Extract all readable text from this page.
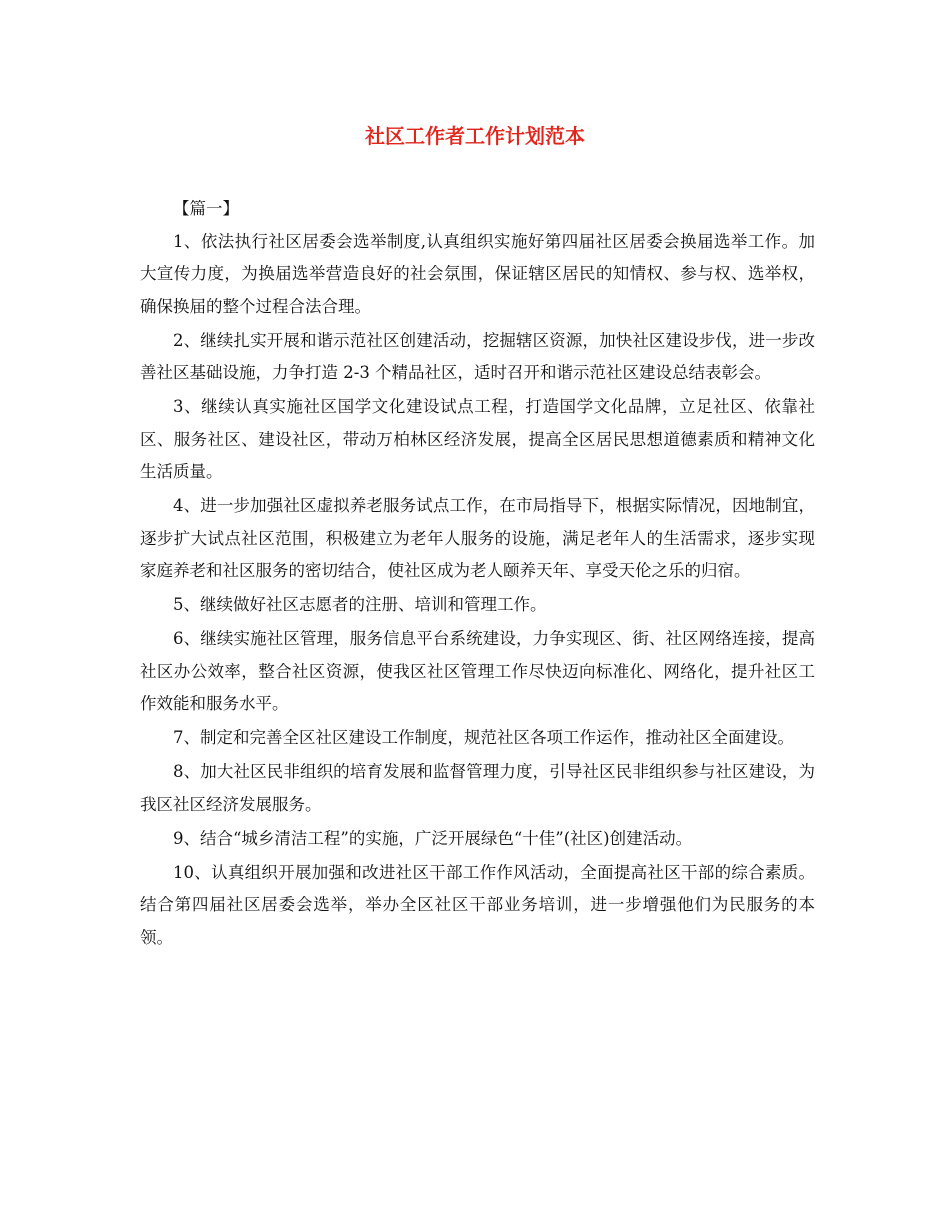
社区工作者工作计划范本
【篇一】

1、依法执行社区居委会选举制度,认真组织实施好第四届社区居委会换届选举工作。加大宣传力度，为换届选举营造良好的社会氛围，保证辖区居民的知情权、参与权、选举权，确保换届的整个过程合法合理。

2、继续扎实开展和谐示范社区创建活动，挖掘辖区资源，加快社区建设步伐，进一步改善社区基础设施，力争打造 2-3 个精品社区，适时召开和谐示范社区建设总结表彰会。

3、继续认真实施社区国学文化建设试点工程，打造国学文化品牌，立足社区、依靠社区、服务社区、建设社区，带动万柏林区经济发展，提高全区居民思想道德素质和精神文化生活质量。

4、进一步加强社区虚拟养老服务试点工作，在市局指导下，根据实际情况，因地制宜，逐步扩大试点社区范围，积极建立为老年人服务的设施，满足老年人的生活需求，逐步实现家庭养老和社区服务的密切结合，使社区成为老人颐养天年、享受天伦之乐的归宿。

5、继续做好社区志愿者的注册、培训和管理工作。

6、继续实施社区管理，服务信息平台系统建设，力争实现区、街、社区网络连接，提高社区办公效率，整合社区资源，使我区社区管理工作尽快迈向标准化、网络化，提升社区工作效能和服务水平。

7、制定和完善全区社区建设工作制度，规范社区各项工作运作，推动社区全面建设。

8、加大社区民非组织的培育发展和监督管理力度，引导社区民非组织参与社区建设，为我区社区经济发展服务。

9、结合“城乡清洁工程”的实施，广泛开展绿色“十佳”(社区)创建活动。

10、认真组织开展加强和改进社区干部工作作风活动，全面提高社区干部的综合素质。结合第四届社区居委会选举，举办全区社区干部业务培训，进一步增强他们为民服务的本领。
